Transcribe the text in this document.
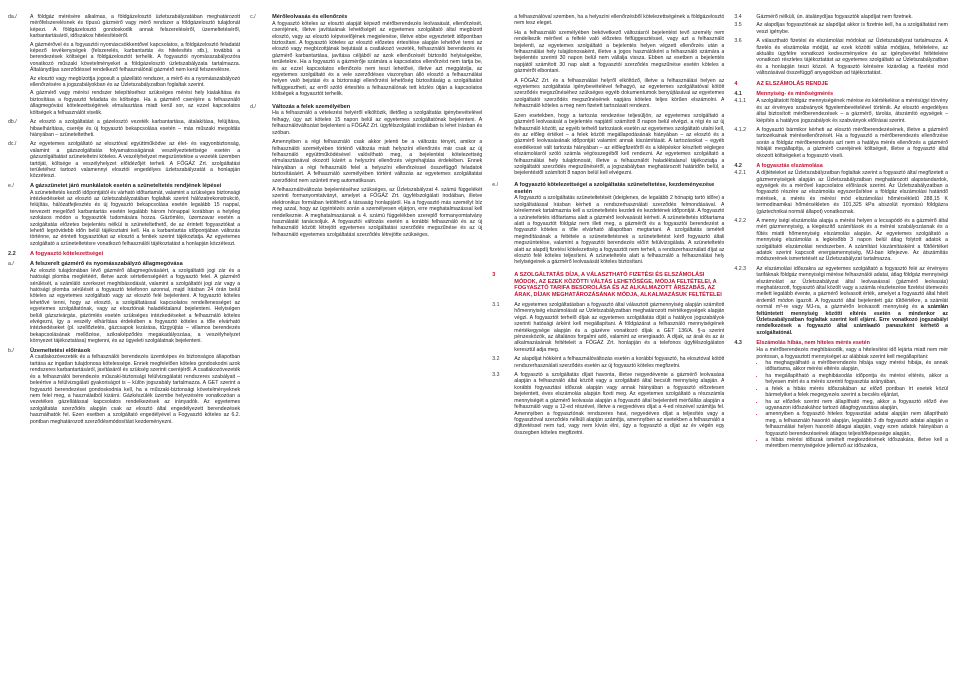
da./	A földgáz mérésére alkalmas, a földgázelosztó üzletszabályzatában meghatározott mérőfelszerelésnek és típusú gázmérő vagy mérő rendszer a földgázelosztó tulajdonát képezi. A földgázelosztó gondoskodik annak felszereléséről, üzemeltetéséről, karbantartásáról, időszakos hitelesítéséről.
A gázmérővel és a fogyasztói nyomáscsökkentővel kapcsolatos, a földgázelosztó feladatát képező tevékenységek (felszerelés, karbantartás és hitelesítés stb.), továbbá a berendezések költségei a földgázelosztót terhelik. A fogyasztói nyomásszabályozóra vonatkozó műszaki követelményeket a földgázelosztó üzletszabályzata tartalmazza. Általánydíjas szerződéssel rendelkező felhasználónál gázmérő nem kerül felszerelésre.
Az elosztó vagy megbízottja jogosult a gázellátó rendszer, a mérő és a nyomásszabályozó ellenőrzésére a jogszabályokban és az Üzletszabályzatban foglaltak szerint.
A gázmérő vagy mérési rendszer telepítéséhez szükséges mérési hely kialakítása és biztosítása a fogyasztó feladata és költsége. Ha a gázmérő cseréjére a felhasználó állagmegóvási kötelezettségének elmulasztása miatt kerül sor, az ezzel kapcsolatos költségek a felhasználót viselik.
db./	Az elosztó a szolgáltatást a gázelosztó vezeték karbantartása, átalakítása, felújítása, hibaelhárítása, cseréje és új fogyasztó bekapcsolása esetén – más műszaki megoldás hiányában – szüneteltetheti.
dc./	Az egyetemes szolgáltató az elosztóval együttműködve az élet- és vagyonbiztonság, valamint a gázszolgáltatás folyamatosságának veszélyeztetettsége esetén a gázszolgáltatást szüneteltetni köteles. A veszélyhelyzet megszüntetése a vezeték üzemben tartóját, költsége a veszélyhelyzet előidézőjét terheli. A FŐGÁZ Zrt. szolgáltatási területéhez tartozó valamennyi elosztói engedélyes üzletszabályzatát a honlapján közzéteszi.
e./	A gázszünetet járó munkálatok esetén a szüneteltetés rendjének lépései
A szüneteltetés kezdő időpontjától és várható időtartamát, valamint a szükséges biztonsági intézkedéseket az elosztó az üzletszabályzatában foglaltak szerint hálózatrekonstrukció, felújítás, hálózatfejlesztés és új fogyasztó bekapcsolása esetén legalább 15 nappal, tervezett megelőző karbantartás esetén legalább három hónappal korábban a helyileg szokásos módon a fogyasztók tudomására hozza. Gázömlés, üzemzavar esetén a szolgáltatás előzetes bejelentés nélkül is szüneteltethető, de az érintett fogyasztókat a lehető legrövidebb időn belül tájékoztatni kell. Ha a karbantartás időpontjában változás történne, az érintett fogyasztókat az elosztó a fentiek szerint tájékoztatja. Az egyetemes szolgáltató a szüneteltetésre vonatkozó felhasználói tájékoztatást a honlapján közzéteszi.
2.2	A fogyasztó kötelezettségei
a./	A felszerelt gázmérő és nyomásszabályzó állagmegóvása
Az elosztó tulajdonában lévő gázmérő állagmegóvásáért, a szolgáltatói jogi zár és a hatósági plomba meglétéért, illetve azok sértetlenségéért a fogyasztó felel. A gázmérő sérülését, a számláló szerkezet meghibásodását, valamint a szolgáltatói jogi zár vagy a hatósági plomba sérülését a fogyasztó telefonon azonnal, majd írásban 24 órán belül köteles az egyetemes szolgáltató vagy az elosztó felé bejelenteni. A fogyasztó köteles lehetővé tenni, hogy az elosztó, a szolgáltatással kapcsolatos rendellenességet az egyetemes szolgáltatónak, vagy az elosztónak haladéktalanul bejelenteni. Helyiségen belüli gázszivárgás, gázömlés esetén szükséges intézkedéseket a felhasználó köteles elvégezni, így a veszély elhárítása érdekében a fogyasztó köteles a tőle elvárható intézkedéseket (pl. szellőztetés, gázcsapok lezárása, tűzgyújtás – villamos berendezés bekapcsolásának mellőzése, szikraképződés megakadályozása, a veszélyhelyzet környezet tájékoztatása) megtenni, és az ügyeleti szolgálatnak bejelenteni.
b./	Üzemeltetési előírások
A csatlakozóvezeték és a felhasználói berendezés üzemképes és biztonságos állapotban tartása az ingatlan tulajdonosa kötelessége. Ennek megfelelően köteles gondoskodni azok rendszeres karbantartásáról, javításáról és szükség szerinti cseréjéről. A csatlakozóvezeték és a felhasználói berendezés műszaki-biztonsági felülvizsgálatát rendszeres szabályait – beleértve a felülvizsgálati gyakoriságot is – külön jogszabály tartalmazza. A GET szerint a fogyasztó berendezései gondoskodnia kell, ha a műszaki-biztonsági követelményeknek nem felel meg, a használatból kizárni. Gázkészülék üzembe helyezésére vonatkozóan a vezetékes gázellátással kapcsolatos rendelkezések az irányadók. Az egyetemes szolgáltatás szerződés alapján csak az elosztó által engedélyezett berendezések használhatók fel. Ezen esetben a szolgáltató engedélyével a Fogyasztó köteles az 6.2. pontban meghatározott szerződésmódosítást kezdeményezni.
c./	Mérőleolvasás és ellenőrzés
A fogyasztó köteles az elosztó alapját képező mérőberendezés leolvasását, ellenőrzését, cseréjének, illetve javításának lehetőségét az egyetemes szolgáltató által megbízott elosztó, vagy az elosztó képviselőjének megjelenése, illetve ebbe egyeztetett időpontban biztosítani. A fogyasztó köteles az elosztó előzetes értesítése alapján lehetővé tenni az elosztó vagy megbízottjának bejutását a csatlakozó vezeték, felhasználói berendezés és gázmérő karbantartása, javítása céljából az azok ellenőrzését biztosító helyiségekbe, területekre. Ha a fogyasztó a gázmérője számára a kapcsolatos ellenőrzést nem tartja be, és az ezzel kapcsolatos ellenőrzés nem teszi lehetővé, illetve azt meggátolja, az egyetemes szolgáltató és a vele szerződéses viszonyban álló elosztó a felhasználási helyen való bejutási és a biztonsági ellenőrzési lehetőség biztosításáig a szolgáltatást felfüggesztheti, az erről szóló értesítés a felhasználónak tett közlés útján a kapcsolatos költségek a fogyasztót terhelik.
d./	Változás a felek személyében
Ha a felhasználó a vételezési helyéről elköltözik, illetőleg a szolgáltatás igénybevételével felhagy, úgy azt köteles 15 napon belül az egyetemes szolgáltatónak bejelenteni. A felhasználóváltozást bejelenteni a FŐGÁZ Zrt. ügyfélszolgálati irodáiban is lehet írásban és szóban.
Amennyiben a régi felhasználó csak akkor jelenti be a változás tényét, amikor a felhasználói személyében történő változás miatt helyszíni ellenőrzés már csak az új felhasználó együttműködésével valósítható meg, a bejelentési kötelezettség elmulasztásával okozott kárért a helyszíni ellenőrzés végrehajtása érdekében. Ennek hiányában a régi felhasználó felel a helyszíni ellenőrzéssel összefüggő feladatok biztosításáért. A felhasználó személyében történt változás az egyetemes szolgáltatási szerződést nem szünteti meg automatikusan.
A felhasználóváltozás bejelentéséhez szükséges, az Üzletszabályzat 4. számú függelékét szerinti formanyomtatványt, amelyet a FŐGÁZ Zrt. ügyfélszolgálati irodáiban, illetve elektronikus formában letölthető a társaság honlapjáról. Ha a fogyasztó más személyt bíz meg azzal, hogy az ügyintézés során a személyesen eljárjon, erre meghatalmazással kell rendelkeznie. A meghatalmazásnak a 4. számú függelékben szereplő formanyomtatvány használatát tanácsoljuk. A fogyasztói változás esetén a korábbi felhasználó és az új felhasználó között létrejött egyetemes szolgáltatási szerződés megszűnése és az új felhasználó egyetemes szolgáltatási szerződés létrejötte szükséges.
a felhasználóval szemben, ha a helyszíni ellenőrzésből kötelezettségének a földgázelosztó nem tesz eleget.
Ha a felhasználó személyében bekövetkező változásról bejelentést tevő személy nem rendelkezik mérővel a felfelé való előzetes felfüggesztéssel, vagy azt a felhasználó bejelenti, az egyetemes szolgáltató a bejelentés helyen végzett ellenőrzés után a felhasználási hely tulajdonosaként, illetve a jogos használóként a felhasználó számára a bejelentés szerinti 30 napon belül nem vállalja vissza. Ebben az esetben a bejelentés napjától számított 30 nap alatt a fogyasztói szerződés megszűnése esetén köteles a gázmérőt elbontani.
A FŐGÁZ Zrt. és a felhasználási helyről elköltöző, illetve a felhasználási helyen az egyetemes szolgáltatás igénybevételével felhagyó, az egyetemes szolgáltatóval kötött szerződés megszűnéséhez szükséges egyéb dokumentumok benyújtásával az egyetemes szolgáltatói szerződés megszűnésének napjára köteles teljes körűen elszámolni. A felhasználó köteles a meg nem fizetett tartozásait rendezni.
Ezen esetekben, hogy a tartozás rendezése teljesüljön, az egyetemes szolgáltató a gázmérő leolvasását a bejelentés napjától számított 8 napon belül elvégzi, a régi és az új felhasználó között, az egyéb terhelő tartozások esetén az egyetemes szolgáltató utalni kell, és az előleg értéket – a felek között megállapodásának hiányában – az elosztó és a gázmérő leolvasásának időpontját valamint annak kiszámítását. A tartozásokat – egyéb esedékessé vált tartozás hiányában – az előlegfizetőről és a kilépéskor készített végleges elszámolásról szóló számla végösszegéből kell rendezni. Az egyetemes szolgáltató a felhasználási hely tulajdonosát, illetve a felhasználót haladéktalanul tájékoztatja a szolgáltatói szerződés megszűnéséről, a jogszabályban meghatározott határidőn belül, a bejelentéstől számított 8 napon belül kell elvégezni.
e./	A fogyasztó kötelezettségei a szolgáltatás szüneteltetése, kezdeményezése esetén
A fogyasztó a szolgáltatás szüneteltetését (ideiglenes, de legalább 2 hónapig tartó időre) a szolgáltatással írásban kérheti a rendszerhasználati szerződés felmondásával. A kérelemnek tartalmaznia kell a szüneteltetés kezdeti és kezdetének időpontját. A fogyasztó a szüneteltetés időtartama alatt a gázmérő leolvasását kérheti. A szüneteltetés időtartama alatt a fogyasztót földgáz nem illeti meg, a gázmérőt és a fogyasztói berendezést a fogyasztó köteles a tőle elvárható állapotban megtartani. A szolgáltatás ismételt megindításának a feltétele a szüneteltetésnek a szüneteltetést kérő fogyasztó általi megszüntetése, valamint a fogyasztói berendezés előírt felülvizsgálata. A szüneteltetés alatt az alapdíj fizetési kötelezettség a fogyasztót nem terheli, a rendszerhasználati díjat az elosztó felé köteles teljesíteni. A szüneteltetés alatt a felhasználó a felhasználási hely helyiségeinek a gázmérő leolvasását köteles biztosítani.
3	A SZOLGÁLTATÁS DÍJA, A VÁLASZTHATÓ FIZETÉSI ÉS ELSZÁMOLÁSI MÓDOK, AZ EZEK KÖZÖTTI VÁLTÁS LEHETŐSÉGE, MÓDJA FELTÉTELEI, A FOGYASZTÓ TARIFA BESOROLÁSA ÉS AZ ALKALMAZOTT ÁRSZABÁS, AZ ÁRAK, DÍJAK MEGHATÁROZÁSÁNAK MÓDJA, ALKALMAZÁSUK FELTÉTELEI
3.1	Az egyetemes szolgáltatásban a fogyasztó által választott gázmennyiség alapján számított hőmennyiség elszámolását az Üzletszabályzatban meghatározott mértékegységek alapján végzi. A fogyasztót terhelő díjak az egyetemes szolgáltatás díját a hatályos jogszabályok szerinti hatósági árként kell megállapítani. A földgázárat a felhasználó mennyiségének mértékegysége alapján és a gázévre vonatkozó díjak a GET 136/A. §-a szerint pénzesközök, az általános forgalmi adó, valamint az energiaadó. A díjak, az árak és az ár alkalmazásának feltételeit a FŐGÁZ Zrt. honlapján és a telefonos ügyfélszolgálaton keresztül adja meg.
3.2	Az alapdíjat hókként a felhasználóváltozás esetén a korábbi fogyasztó, ha elosztóval kötött rendszerhasználati szerződés esetén az új fogyasztó köteles megfizetni.
3.3	A fogyasztó a szolgáltatás díjait havonta, illetve negyedévente a gázmérő leolvasása alapján a felhasználó által közölt vagy a szolgáltató által becsült mennyiség alapján. A korábbi fogyasztási időszak alapján vagy annak hiányában a fogyasztó előzetesen bejelentett, éves elszámolás alapján fizeti meg. Az egyetemes szolgáltató a részszámla mennyiségét a gázmérő leolvasás alapján a fogyasztó által bejelentett mérőállás alapján a felhasználó vagy a 12-ed részével, illetve a negyedéves díjat a 4-ed részével számítja fel. Amennyiben a fogyasztónak rendszeres havi, negyedéves díjat a teljesítés vagy a fogyasztóval szerződés nélküli alapján számítja, amennyiben az esetekben a felhasználó a díjfizetéssel nem tud, vagy nem kíván élni, úgy a fogyasztó a díjat az év végén egy összegben köteles megfizetni.
3.4	Gázmérő nélküli, ún. átalánydíjas fogyasztók alapdíjat nem fizetnek.
3.5	Az alapdíjas fogyasztónak az alapdíjat akkor is fizetnie kell, ha a szolgáltatást nem veszi igénybe.
3.6	A választható fizetési és elszámolási módokat az Üzletszabályzat tartalmazza. A fizetés és elszámolás módját, az ezek közötti váltás módjára, feltételeire, az aktuális ügyfélre vonatkozó kedvezményekre és az igénybevétel feltételeire vonatkozó részletes tájékoztatást az egyetemes szolgáltató az Üzletszabályzatban és a honlapján teszi közzé. A fogyasztó kérésére kizárólag a fizetési mód változásával összefüggő anyagokban ad tájékoztatást.
4	AZ ELSZÁMOLÁS RENDJE
4.1	Mennyiség- és minőségmérés
4.1.1	A szolgáltatott földgáz mennyiségének mérése és kiértékelése a mérésügyi törvény és az érvényes szabványok figyelembevételével történik. Az elosztó engedélyes által biztosított mérőberendezések – a gázmérő, tárolás, átszámító egységek – kiépítés a hatályos jogszabályok és szabványok előírásai szerint.
4.1.2	A fogyasztó bármikor kérheti az elosztó mérőberendezésének, illetve a gázmérő tartozékainak mérésellenőrzését. Ha a fogyasztó a mérőberendezés ellenőrzése során a földgáz mérőberendezés azt nem a hatálya mérés ellenőrzés a gázmérő hibáját megállapítja, a gázmérő cseréjének költségeit, illetve a fogyasztó által okozott költségeket a fogyasztó viseli.
4.2	A fogyasztás elszámolása
4.2.1	A díjtételeket az Üzletszabályzatban foglaltak szerint a fogyasztó által megfizetett a gázmennyiségek alapján az Üzletszabályzatban meghatározott alapstandardok, egységek és a mérővel kapcsolatos előírások szerint. Az Üzletszabályzatban a fogyasztó részére az elszámolás egyszerűsítése a földgáz elszámolási határidő mérések, a mérés és mérési mód elszámolási hőmérsékletű 288,15 K termodinamikai hőmérsékleten és 101,325 kPa abszolút nyomású földgázra (gáztechnikai normál állapot) vonatkoznak.
4.2.2	A menny iségi elszámolás alapja a mérési helyen a lecsapódó és a gázmérő által mért gázmennyiség, a kiegészítő számítások és a mérési szabályozásnak és a fűtés miatti hőmennyiség elszámolás alapján. Az egyetemes szolgáltató a mennyiség elszámolás a legkésőbb 3 napon belül átlag folytott adatok a szolgáltatói elszámolási rendszerben. A számítást kiszámításként a fűtőértéket adatok szerint kapcsolt energiamennyiség, MJ-ban kifejezve. Az átszámítás módszerének ismertetését az Üzletszabályzat tartalmazza.
4.2.3	Az elszámolási időszakra az egyetemes szolgáltató a fogyasztó felé az érvényes tarifáknak földgáz mennyiségi mérése felhasználói adatai, átlag földgáz mennyiségi elszámolást az Üzletszabályzat által leolvasással (gázmérő leolvasás) meghatározott, fogyasztó által közölt vagy a számla részletezése fizetési ütemezés mellett legalább évente, a gázmérő leolvasott érték, amelyet a fogyasztó által hitelt érdemlő módon igazolt. A fogyasztó által bejelentett gáz tűtőértékre, a számlát normál m³-re vagy MJ-ra, a gázmérőn leolvasott mennyiség és a számlán feltüntetett mennyiség közötti eltérés esetén a mindenkor az Üzletszabályzatban foglaltak szerint kell eljárni. Erre vonatkozó jogszabályi rendelkezések a fogyasztó által számlaadó panaszként kérhető a szolgáltatónál.
4.3	Elszámolás hibás, nem hiteles mérés esetén
Ha a mérőberendezés meghibásodik, vagy a hitelesítési idő lejárta miatt nem mér pontosan, a fogyasztott mennyiséget az alábbiak szerint kell megállapítani:
• ha meghagyálható a mérőberendezés hibája vagy mérési hibája, és annak időtartama, akkor mérési eltérés alapján,
• ha megállapítható a meghibásodás időpontja és mérési eltérés, akkor a helyesen mért és a mérés szerinti fogyasztás arányában,
• a felek a hibás mérés időszakában az előző pontban írt esetek közül bármelyiket a felek megegyezés szerint a becslés eljárást,
• ha az előzőek szerint nem állapítható meg, akkor a fogyasztó előző éve ugyanazon időszakához tartozó átlagfogyasztása alapján,
• amennyiben a fogyasztó hiteles fogyasztási adatai alapján nem állapítható meg, a felhasználó hasonló alapján, legalább 3 db fogyasztó adatai alapján a felhasználási helyen hasonló átlagai alapján, vagy ezen adatok hiányában a fogyasztó berendezéseinek átlagos teljesítőképessége alapján,
• a hibás mérési időszak ismételt megkezdésének időszakára, illetve kell a mérettben mennyiségekre jellemző az időszakra,
